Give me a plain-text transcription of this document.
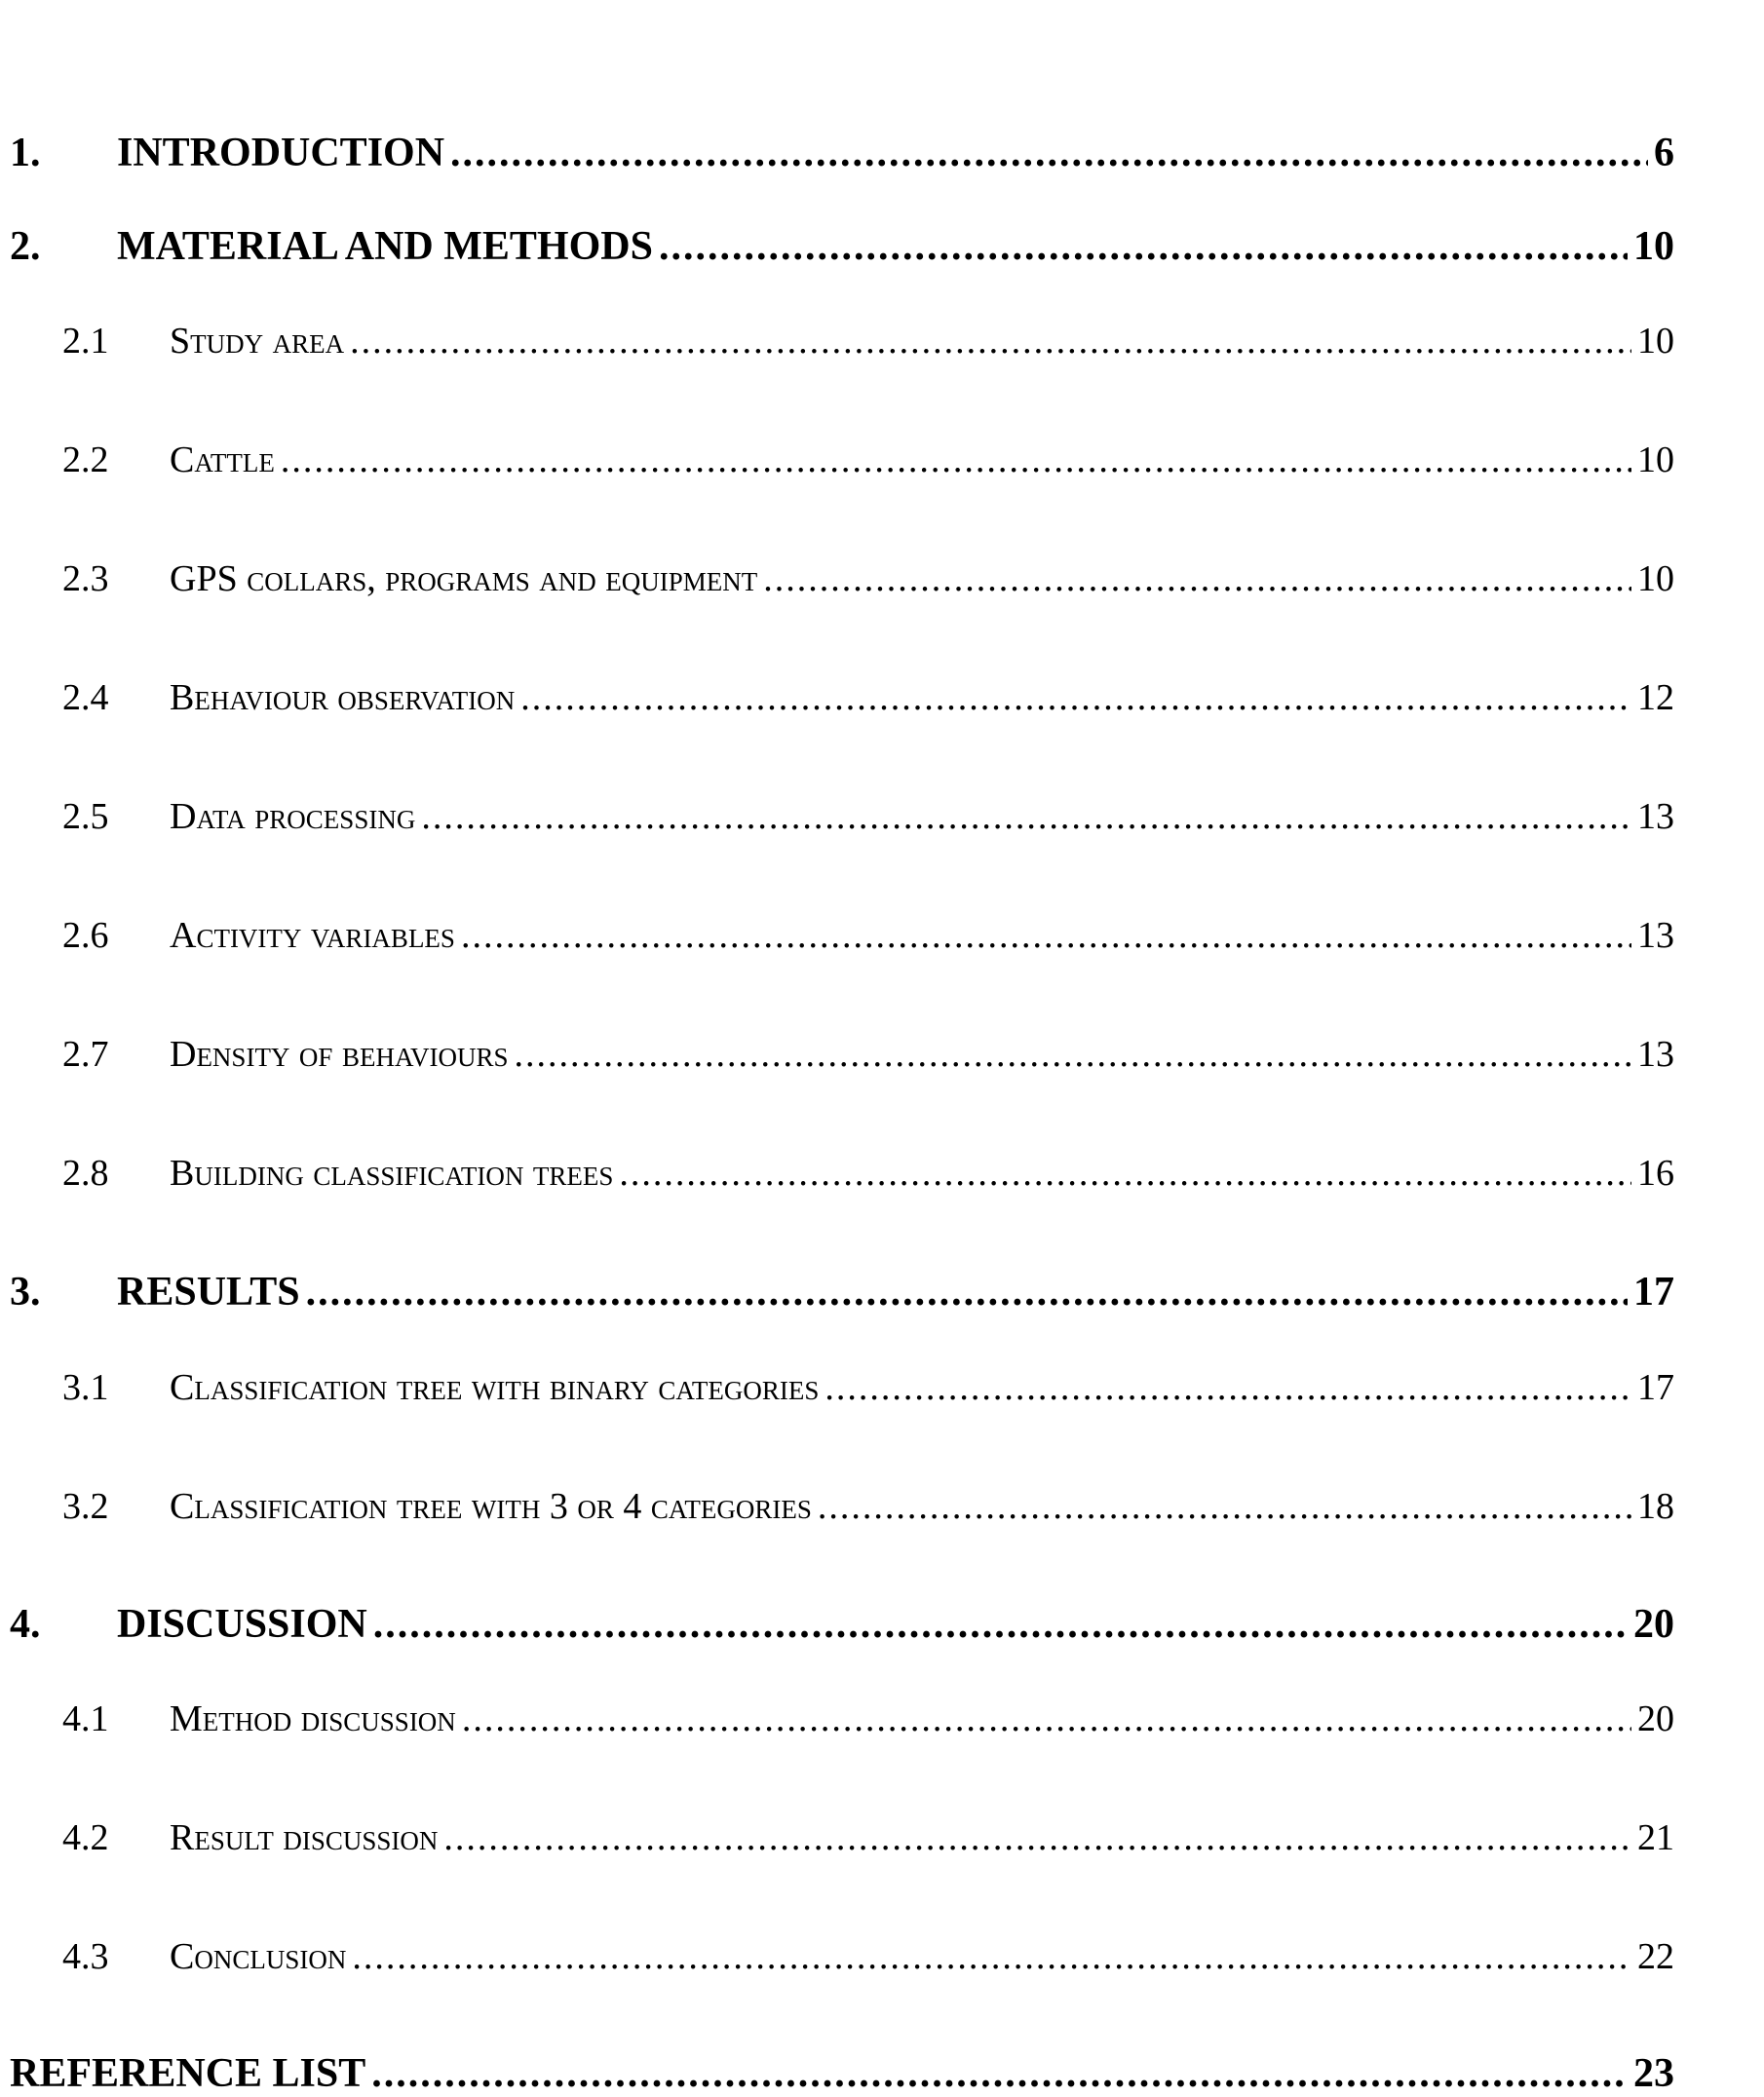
1.	INTRODUCTION .....	6
2.	MATERIAL AND METHODS .....	10
2.1	Study area .....	10
2.2	Cattle .....	10
2.3	GPS collars, programs and equipment .....	10
2.4	Behaviour observation .....	12
2.5	Data processing .....	13
2.6	Activity variables .....	13
2.7	Density of behaviours .....	13
2.8	Building classification trees .....	16
3.	RESULTS .....	17
3.1	Classification tree with binary categories .....	17
3.2	Classification tree with 3 or 4 categories .....	18
4.	DISCUSSION .....	20
4.1	Method discussion .....	20
4.2	Result discussion .....	21
4.3	Conclusion .....	22
REFERENCE LIST .....	23
